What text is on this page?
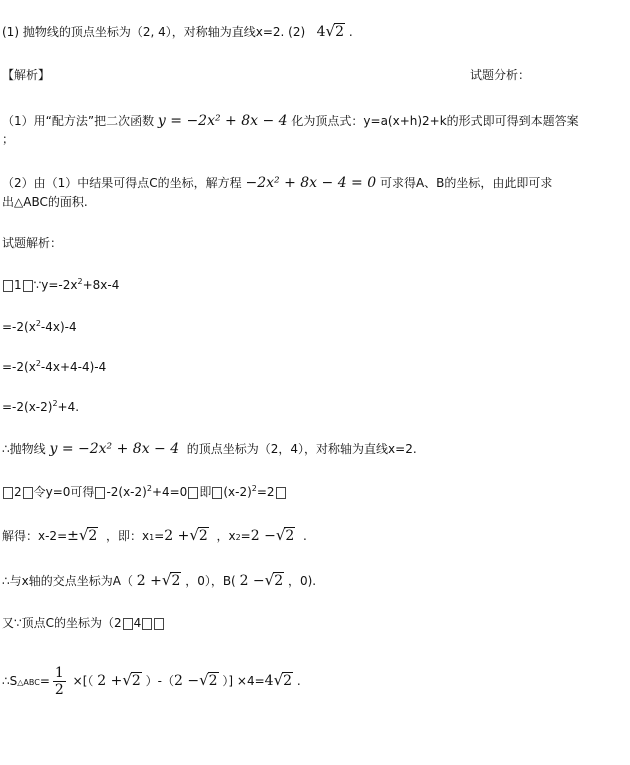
(1) 抛物线的顶点坐标为（2, 4），对称轴为直线x=2. (2) 4√2 .
【解析】	试题分析：
（1）用“配方法”把二次函数 y = −2x² + 8x − 4 化为顶点式：y=a(x+h)2+k的形式即可得到本题答案
；
（2）由（1）中结果可得点C的坐标，解方程 −2x² + 8x − 4 = 0 可求得A、B的坐标，由此即可求
出△ABC的面积.
试题解析：
1 $\because y=-2x^2+8x-4$
$=-2(x^2-4x)-4$
$=-2(x^2-4x+4-4)-4$
$=-2(x-2)^2+4$.
∴抛物线 y = −2x² + 8x − 4 的顶点坐标为（2，4），对称轴为直线x=2.
2 令y=0可得 $-2(x-2)^2+4=0$ 即 $(x-2)^2=2$
解得：x-2=±√2 ，即：x1=2 +√2 ，x2=2 −√2 .
∴与x轴的交点坐标为A（ 2 +√2 ，0），B( 2 −√2 ，0).
又∵顶点C的坐标为（2 4
∴S△ABC= $\frac{1}{2}$ ×[（ 2 +√2 ）-（2 −√2 ）] ×4=4√2 .
